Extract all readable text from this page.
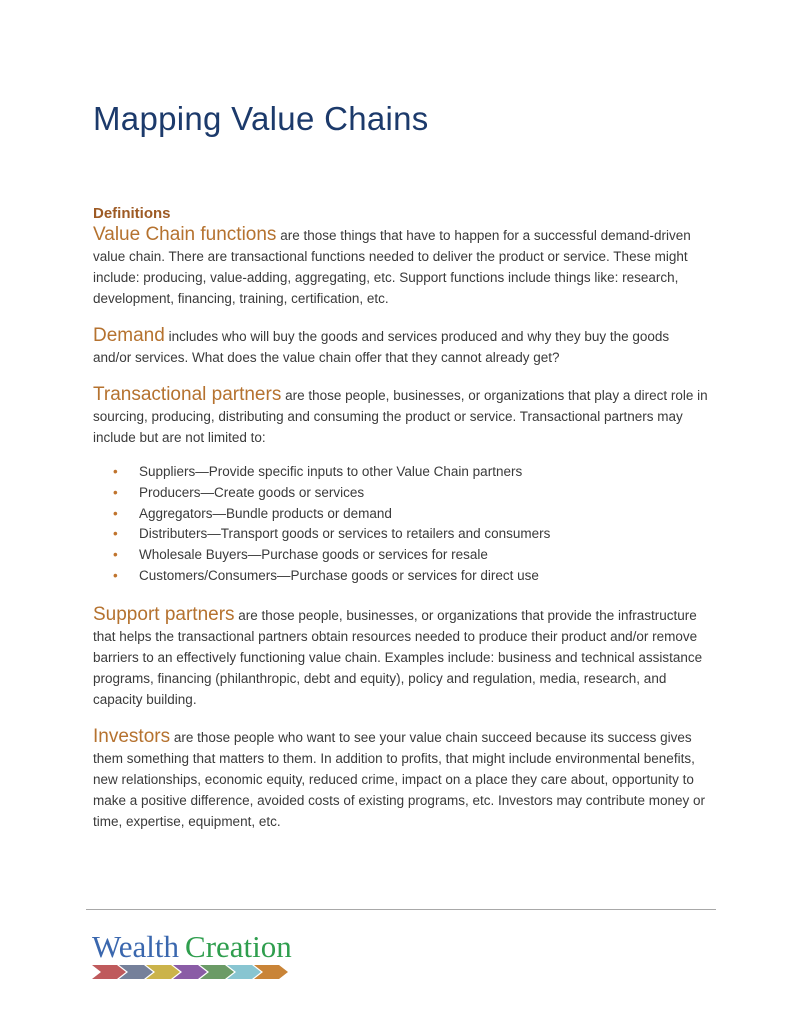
Mapping Value Chains
Definitions

Value Chain functions are those things that have to happen for a successful demand-driven value chain. There are transactional functions needed to deliver the product or service. These might include: producing, value-adding, aggregating, etc. Support functions include things like: research, development, financing, training, certification, etc.

Demand includes who will buy the goods and services produced and why they buy the goods and/or services. What does the value chain offer that they cannot already get?

Transactional partners are those people, businesses, or organizations that play a direct role in sourcing, producing, distributing and consuming the product or service. Transactional partners may include but are not limited to:

• Suppliers—Provide specific inputs to other Value Chain partners
• Producers—Create goods or services
• Aggregators—Bundle products or demand
• Distributers—Transport goods or services to retailers and consumers
• Wholesale Buyers—Purchase goods or services for resale
• Customers/Consumers—Purchase goods or services for direct use

Support partners are those people, businesses, or organizations that provide the infrastructure that helps the transactional partners obtain resources needed to produce their product and/or remove barriers to an effectively functioning value chain. Examples include: business and technical assistance programs, financing (philanthropic, debt and equity), policy and regulation, media, research, and capacity building.

Investors are those people who want to see your value chain succeed because its success gives them something that matters to them. In addition to profits, that might include environmental benefits, new relationships, economic equity, reduced crime, impact on a place they care about, opportunity to make a positive difference, avoided costs of existing programs, etc. Investors may contribute money or time, expertise, equipment, etc.

Wealth Creation
